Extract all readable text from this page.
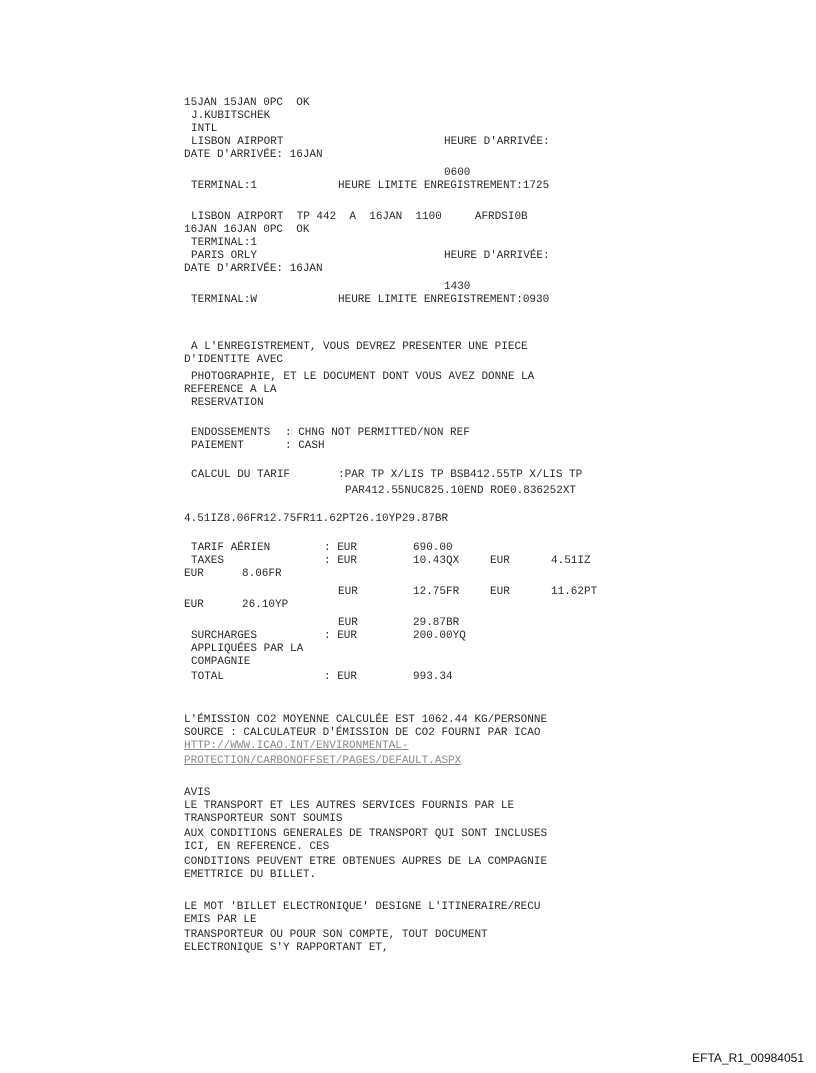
15JAN 15JAN 0PC  OK
J.KUBITSCHEK
INTL
LISBON AIRPORT	HEURE D'ARRIVÉE:
DATE D'ARRIVÉE: 16JAN
0600
TERMINAL:1	HEURE LIMITE ENREGISTREMENT:1725
LISBON AIRPORT  TP 442  A  16JAN  1100     AFRDSI0B
16JAN 16JAN 0PC  OK
TERMINAL:1
PARIS ORLY	HEURE D'ARRIVÉE:
DATE D'ARRIVÉE: 16JAN
1430
TERMINAL:W	HEURE LIMITE ENREGISTREMENT:0930
A L'ENREGISTREMENT, VOUS DEVREZ PRESENTER UNE PIECE
D'IDENTITE AVEC
PHOTOGRAPHIE, ET LE DOCUMENT DONT VOUS AVEZ DONNE LA
REFERENCE A LA
RESERVATION
ENDOSSEMENTS : CHNG NOT PERMITTED/NON REF
PAIEMENT	: CASH
CALCUL DU TARIF	:PAR TP X/LIS TP BSB412.55TP X/LIS TP
PAR412.55NUC825.10END ROE0.836252XT
4.51IZ8.06FR12.75FR11.62PT26.10YP29.87BR
TARIF AÉRIEN	: EUR	690.00
TAXES	: EUR	10.43QX	EUR	4.51IZ
EUR	8.06FR
EUR	12.75FR	EUR	11.62PT
EUR	26.10YP
EUR	29.87BR
SURCHARGES	: EUR	200.00YQ
APPLIQUÉES PAR LA
COMPAGNIE
TOTAL	: EUR	993.34
L'ÉMISSION CO2 MOYENNE CALCULÉE EST 1062.44 KG/PERSONNE
SOURCE : CALCULATEUR D'ÉMISSION DE CO2 FOURNI PAR ICAO
HTTP://WWW.ICAO.INT/ENVIRONMENTAL-
PROTECTION/CARBONOFFSET/PAGES/DEFAULT.ASPX
AVIS
LE TRANSPORT ET LES AUTRES SERVICES FOURNIS PAR LE
TRANSPORTEUR SONT SOUMIS
AUX CONDITIONS GENERALES DE TRANSPORT QUI SONT INCLUSES
ICI, EN REFERENCE. CES
CONDITIONS PEUVENT ETRE OBTENUES AUPRES DE LA COMPAGNIE
EMETTRICE DU BILLET.
LE MOT 'BILLET ELECTRONIQUE' DESIGNE L'ITINERAIRE/RECU
EMIS PAR LE
TRANSPORTEUR OU POUR SON COMPTE, TOUT DOCUMENT
ELECTRONIQUE S'Y RAPPORTANT ET,
EFTA_R1_00984051
